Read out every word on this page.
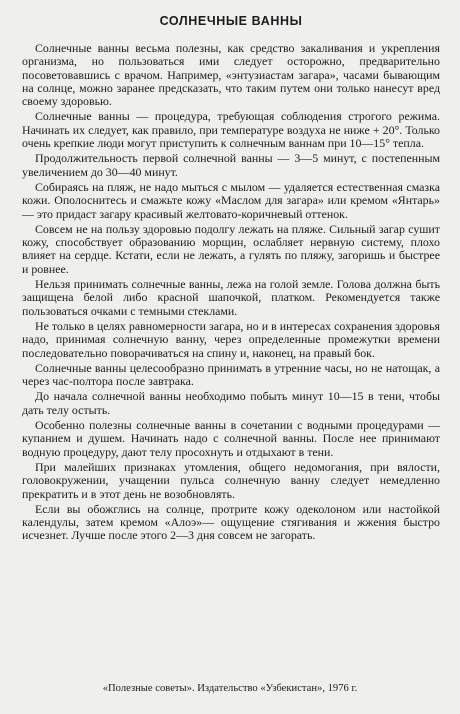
СОЛНЕЧНЫЕ ВАННЫ

Солнечные ванны весьма полезны, как средство закаливания и укрепления организма, но пользоваться ими следует осторожно, предварительно посоветовавшись с врачом. Например, «энтузиастам загара», часами бывающим на солнце, можно заранее предсказать, что таким путем они только нанесут вред своему здоровью.

Солнечные ванны — процедура, требующая соблюдения строгого режима. Начинать их следует, как правило, при температуре воздуха не ниже + 20°. Только очень крепкие люди могут приступить к солнечным ваннам при 10—15° тепла.

Продолжительность первой солнечной ванны — 3—5 минут, с постепенным увеличением до 30—40 минут.

Собираясь на пляж, не надо мыться с мылом — удаляется естественная смазка кожи. Ополоснитесь и смажьте кожу «Маслом для загара» или кремом «Янтарь» — это придаст загару красивый желтовато-коричневый оттенок.

Совсем не на пользу здоровью подолгу лежать на пляже. Сильный загар сушит кожу, способствует образованию морщин, ослабляет нервную систему, плохо влияет на сердце. Кстати, если не лежать, а гулять по пляжу, загоришь и быстрее и ровнее.

Нельзя принимать солнечные ванны, лежа на голой земле. Голова должна быть защищена белой либо красной шапочкой, платком. Рекомендуется также пользоваться очками с темными стеклами.

Не только в целях равномерности загара, но и в интересах сохранения здоровья надо, принимая солнечную ванну, через определенные промежутки времени последовательно поворачиваться на спину и, наконец, на правый бок.

Солнечные ванны целесообразно принимать в утренние часы, но не натощак, а через час-полтора после завтрака.

До начала солнечной ванны необходимо побыть минут 10—15 в тени, чтобы дать телу остыть.

Особенно полезны солнечные ванны в сочетании с водными процедурами — купанием и душем. Начинать надо с солнечной ванны. После нее принимают водную процедуру, дают телу просохнуть и отдыхают в тени.

При малейших признаках утомления, общего недомогания, при вялости, головокружении, учащении пульса солнечную ванну следует немедленно прекратить и в этот день не возобновлять.

Если вы обожглись на солнце, протрите кожу одеколоном или настойкой календулы, затем кремом «Алоэ»— ощущение стягивания и жжения быстро исчезнет. Лучше после этого 2—3 дня совсем не загорать.

«Полезные советы». Издательство «Узбекистан», 1976 г.
